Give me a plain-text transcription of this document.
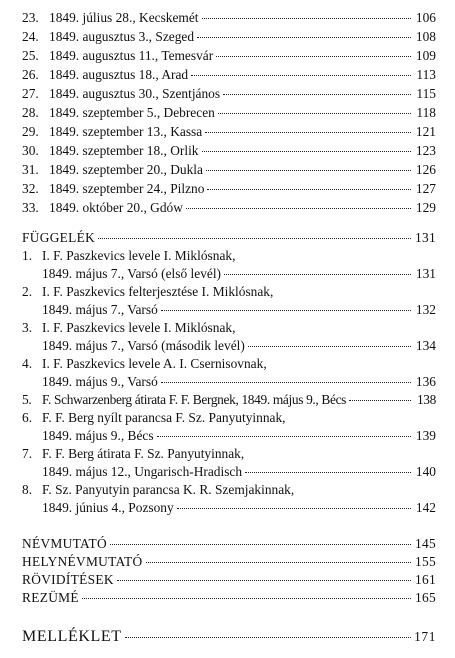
23. 1849. július 28., Kecskemét	106
24. 1849. augusztus 3., Szeged	108
25. 1849. augusztus 11., Temesvár	109
26. 1849. augusztus 18., Arad	113
27. 1849. augusztus 30., Szentjános	115
28. 1849. szeptember 5., Debrecen	118
29. 1849. szeptember 13., Kassa	121
30. 1849. szeptember 18., Orlik	123
31. 1849. szeptember 20., Dukla	126
32. 1849. szeptember 24., Pilzno	127
33. 1849. október 20., Gdów	129
FÜGGELÉK	131
1. I. F. Paszkevics levele I. Miklósnak,
1849. május 7., Varsó (első levél)	131
2. I. F. Paszkevics felterjesztése I. Miklósnak,
1849. május 7., Varsó	132
3. I. F. Paszkevics levele I. Miklósnak,
1849. május 7., Varsó (második levél)	134
4. I. F. Paszkevics levele A. I. Csernisovnak,
1849. május 9., Varsó	136
5. F. Schwarzenberg átirata F. F. Bergnek, 1849. május 9., Bécs	138
6. F. F. Berg nyílt parancsa F. Sz. Panyutyinnak,
1849. május 9., Bécs	139
7. F. F. Berg átirata F. Sz. Panyutyinnak,
1849. május 12., Ungarisch-Hradisch	140
8. F. Sz. Panyutyin parancsa K. R. Szemjakinnak,
1849. június 4., Pozsony	142
NÉVMUTATÓ	145
HELYNÉVMUTATÓ	155
RÖVIDÍTÉSEK	161
REZÜMÉ	165
MELLÉKLET	171
